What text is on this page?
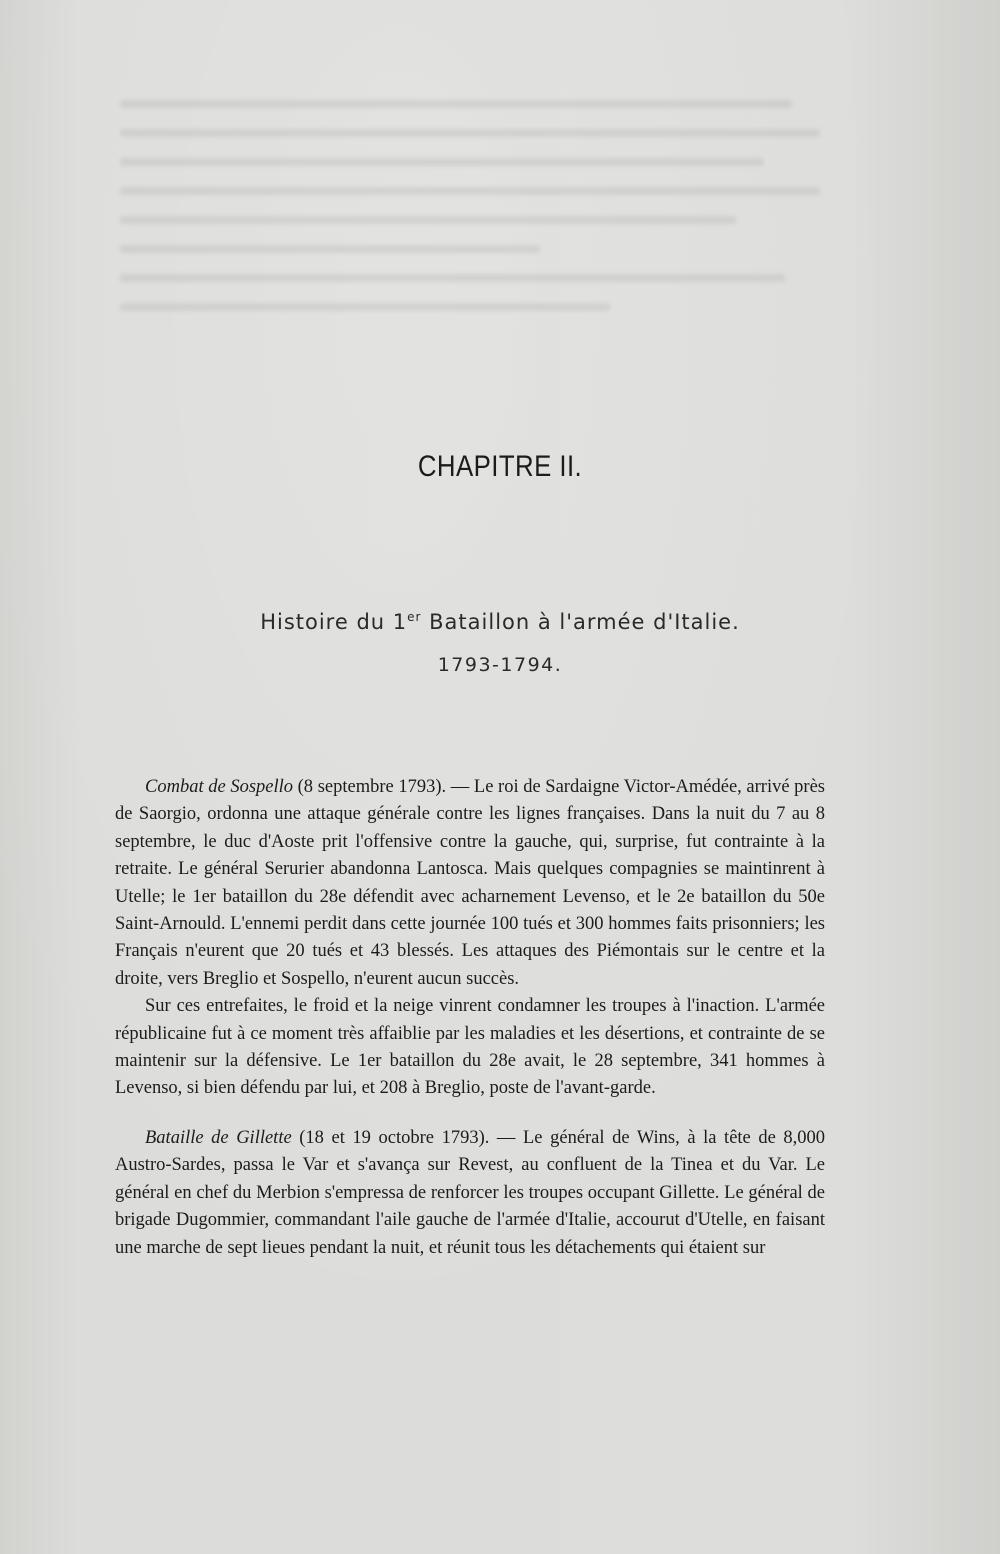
CHAPITRE II.
Histoire du 1er Bataillon à l'armée d'Italie.
1793-1794.

Combat de Sospello (8 septembre 1793). — Le roi de Sardaigne Victor-Amédée, arrivé près de Saorgio, ordonna une attaque générale contre les lignes françaises. Dans la nuit du 7 au 8 septembre, le duc d'Aoste prit l'offensive contre la gauche, qui, surprise, fut contrainte à la retraite. Le général Serurier abandonna Lantosca. Mais quelques compagnies se maintinrent à Utelle; le 1er bataillon du 28e défendit avec acharnement Levenso, et le 2e bataillon du 50e Saint-Arnould. L'ennemi perdit dans cette journée 100 tués et 300 hommes faits prisonniers; les Français n'eurent que 20 tués et 43 blessés. Les attaques des Piémontais sur le centre et la droite, vers Breglio et Sospello, n'eurent aucun succès.

Sur ces entrefaites, le froid et la neige vinrent condamner les troupes à l'inaction. L'armée républicaine fut à ce moment très affaiblie par les maladies et les désertions, et contrainte de se maintenir sur la défensive. Le 1er bataillon du 28e avait, le 28 septembre, 341 hommes à Levenso, si bien défendu par lui, et 208 à Breglio, poste de l'avant-garde.

Bataille de Gillette (18 et 19 octobre 1793). — Le général de Wins, à la tête de 8,000 Austro-Sardes, passa le Var et s'avança sur Revest, au confluent de la Tinea et du Var. Le général en chef du Merbion s'empressa de renforcer les troupes occupant Gillette. Le général de brigade Dugommier, commandant l'aile gauche de l'armée d'Italie, accourut d'Utelle, en faisant une marche de sept lieues pendant la nuit, et réunit tous les détachements qui étaient sur
